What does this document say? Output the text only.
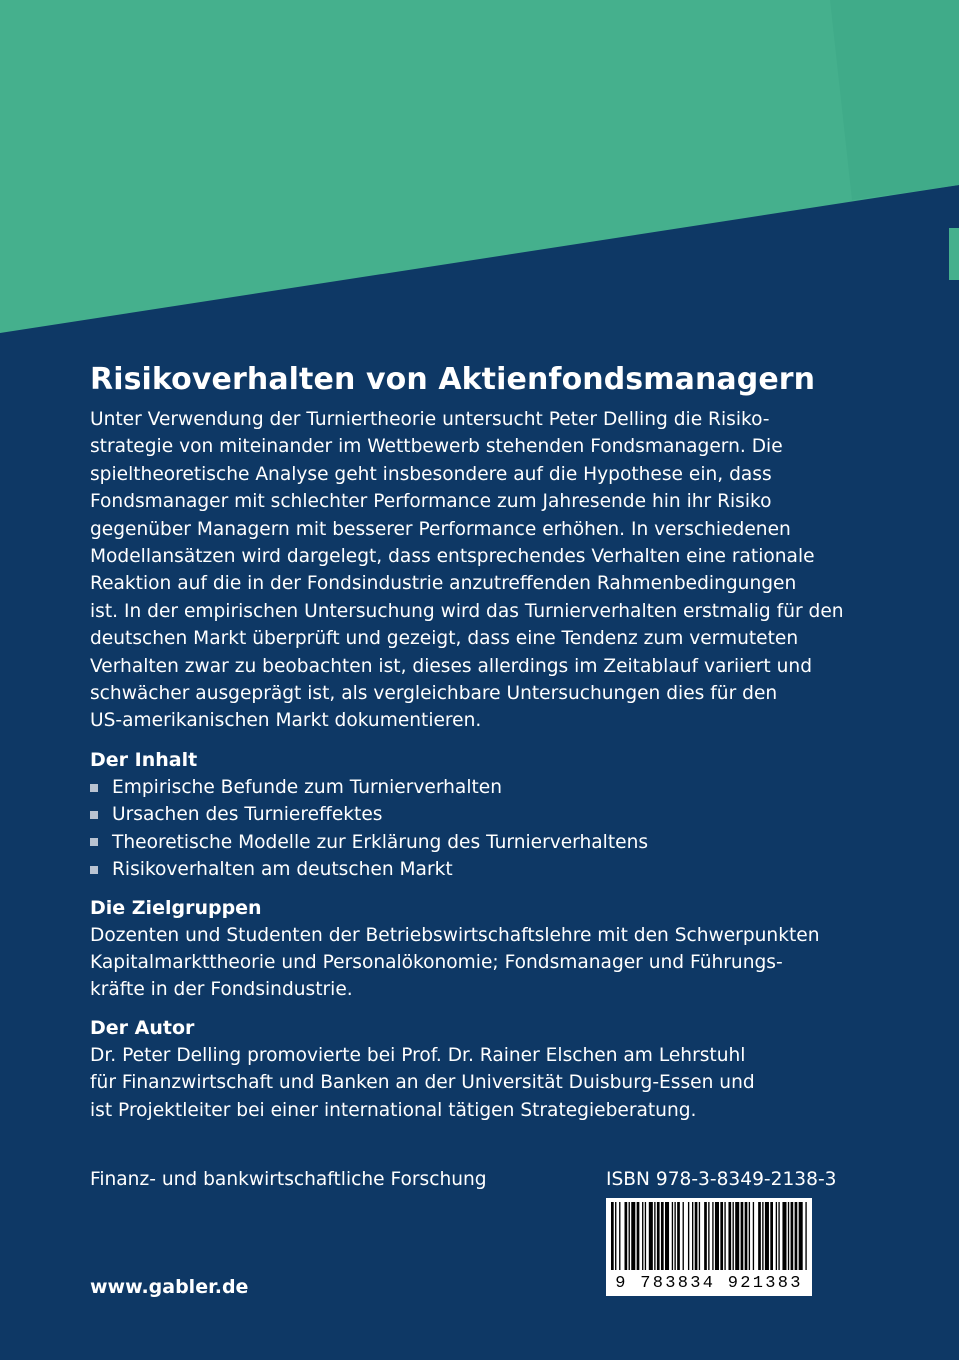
Risikoverhalten von Aktienfondsmanagern

Unter Verwendung der Turniertheorie untersucht Peter Delling die Risiko-
strategie von miteinander im Wettbewerb stehenden Fondsmanagern. Die
spieltheoretische Analyse geht insbesondere auf die Hypothese ein, dass
Fondsmanager mit schlechter Performance zum Jahresende hin ihr Risiko
gegenüber Managern mit besserer Performance erhöhen. In verschiedenen
Modellansätzen wird dargelegt, dass entsprechendes Verhalten eine rationale
Reaktion auf die in der Fondsindustrie anzutreffenden Rahmenbedingungen
ist. In der empirischen Untersuchung wird das Turnierverhalten erstmalig für den
deutschen Markt überprüft und gezeigt, dass eine Tendenz zum vermuteten
Verhalten zwar zu beobachten ist, dieses allerdings im Zeitablauf variiert und
schwächer ausgeprägt ist, als vergleichbare Untersuchungen dies für den
US-amerikanischen Markt dokumentieren.

Der Inhalt
Empirische Befunde zum Turnierverhalten
Ursachen des Turniereffektes
Theoretische Modelle zur Erklärung des Turnierverhaltens
Risikoverhalten am deutschen Markt
Die Zielgruppen

Dozenten und Studenten der Betriebswirtschaftslehre mit den Schwerpunkten
Kapitalmarkttheorie und Personalökonomie; Fondsmanager und Führungs-
kräfte in der Fondsindustrie.

Der Autor

Dr. Peter Delling promovierte bei Prof. Dr. Rainer Elschen am Lehrstuhl
für Finanzwirtschaft und Banken an der Universität Duisburg-Essen und
ist Projektleiter bei einer international tätigen Strategieberatung.

Finanz- und bankwirtschaftliche Forschung	ISBN 978-3-8349-2138-3
9 783834 921383
www.gabler.de
